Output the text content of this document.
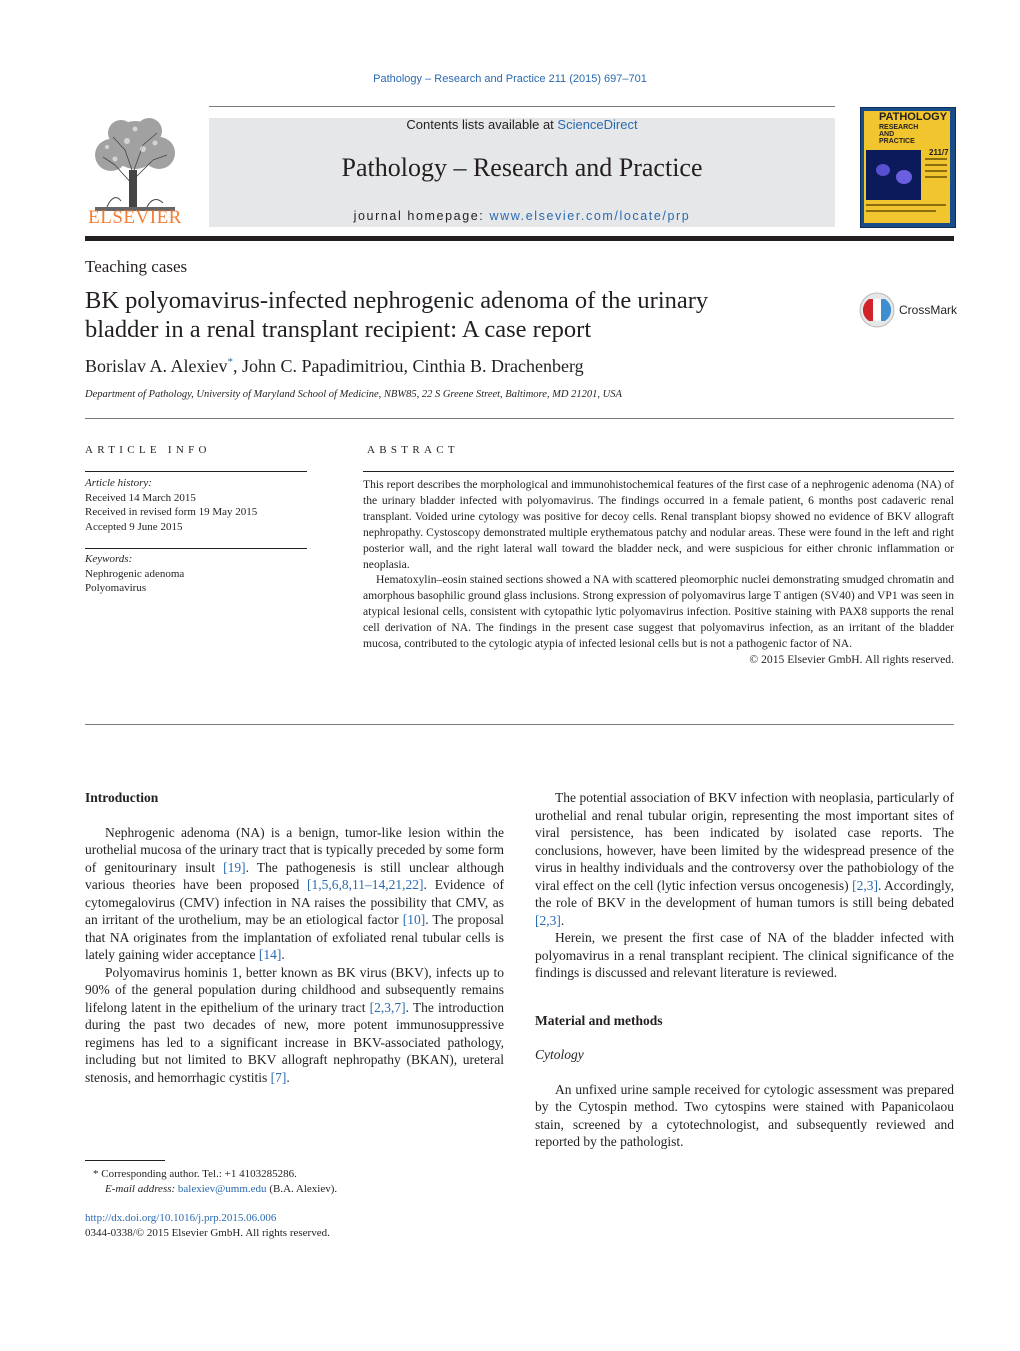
Pathology – Research and Practice 211 (2015) 697–701
Contents lists available at ScienceDirect
Pathology – Research and Practice
journal homepage: www.elsevier.com/locate/prp
ELSEVIER
PATHOLOGY
RESEARCH
AND
PRACTICE
211/7
Teaching cases
BK polyomavirus-infected nephrogenic adenoma of the urinary
bladder in a renal transplant recipient: A case report
CrossMark
Borislav A. Alexiev*, John C. Papadimitriou, Cinthia B. Drachenberg
Department of Pathology, University of Maryland School of Medicine, NBW85, 22 S Greene Street, Baltimore, MD 21201, USA
ARTICLE INFO
Article history:
Received 14 March 2015
Received in revised form 19 May 2015
Accepted 9 June 2015
Keywords:
Nephrogenic adenoma
Polyomavirus
ABSTRACT

This report describes the morphological and immunohistochemical features of the first case of a nephrogenic adenoma (NA) of the urinary bladder infected with polyomavirus. The findings occurred in a female patient, 6 months post cadaveric renal transplant. Voided urine cytology was positive for decoy cells. Renal transplant biopsy showed no evidence of BKV allograft nephropathy. Cystoscopy demonstrated multiple erythematous patchy and nodular areas. These were found in the left and right posterior wall, and the right lateral wall toward the bladder neck, and were suspicious for either chronic inflammation or neoplasia.

Hematoxylin–eosin stained sections showed a NA with scattered pleomorphic nuclei demonstrating smudged chromatin and amorphous basophilic ground glass inclusions. Strong expression of polyomavirus large T antigen (SV40) and VP1 was seen in atypical lesional cells, consistent with cytopathic lytic polyomavirus infection. Positive staining with PAX8 supports the renal cell derivation of NA. The findings in the present case suggest that polyomavirus infection, as an irritant of the bladder mucosa, contributed to the cytologic atypia of infected lesional cells but is not a pathogenic factor of NA.

© 2015 Elsevier GmbH. All rights reserved.

Introduction

Nephrogenic adenoma (NA) is a benign, tumor-like lesion within the urothelial mucosa of the urinary tract that is typically preceded by some form of genitourinary insult [19]. The pathogenesis is still unclear although various theories have been proposed [1,5,6,8,11–14,21,22]. Evidence of cytomegalovirus (CMV) infection in NA raises the possibility that CMV, as an irritant of the urothelium, may be an etiological factor [10]. The proposal that NA originates from the implantation of exfoliated renal tubular cells is lately gaining wider acceptance [14].

Polyomavirus hominis 1, better known as BK virus (BKV), infects up to 90% of the general population during childhood and subsequently remains lifelong latent in the epithelium of the urinary tract [2,3,7]. The introduction during the past two decades of new, more potent immunosuppressive regimens has led to a significant increase in BKV-associated pathology, including but not limited to BKV allograft nephropathy (BKAN), ureteral stenosis, and hemorrhagic cystitis [7].

The potential association of BKV infection with neoplasia, particularly of urothelial and renal tubular origin, representing the most important sites of viral persistence, has been indicated by isolated case reports. The conclusions, however, have been limited by the widespread presence of the virus in healthy individuals and the controversy over the pathobiology of the viral effect on the cell (lytic infection versus oncogenesis) [2,3]. Accordingly, the role of BKV in the development of human tumors is still being debated [2,3].

Herein, we present the first case of NA of the bladder infected with polyomavirus in a renal transplant recipient. The clinical significance of the findings is discussed and relevant literature is reviewed.

Material and methods
Cytology

An unfixed urine sample received for cytologic assessment was prepared by the Cytospin method. Two cytospins were stained with Papanicolaou stain, screened by a cytotechnologist, and subsequently reviewed and reported by the pathologist.

* Corresponding author. Tel.: +1 4103285286.
E-mail address: balexiev@umm.edu (B.A. Alexiev).
http://dx.doi.org/10.1016/j.prp.2015.06.006
0344-0338/© 2015 Elsevier GmbH. All rights reserved.
